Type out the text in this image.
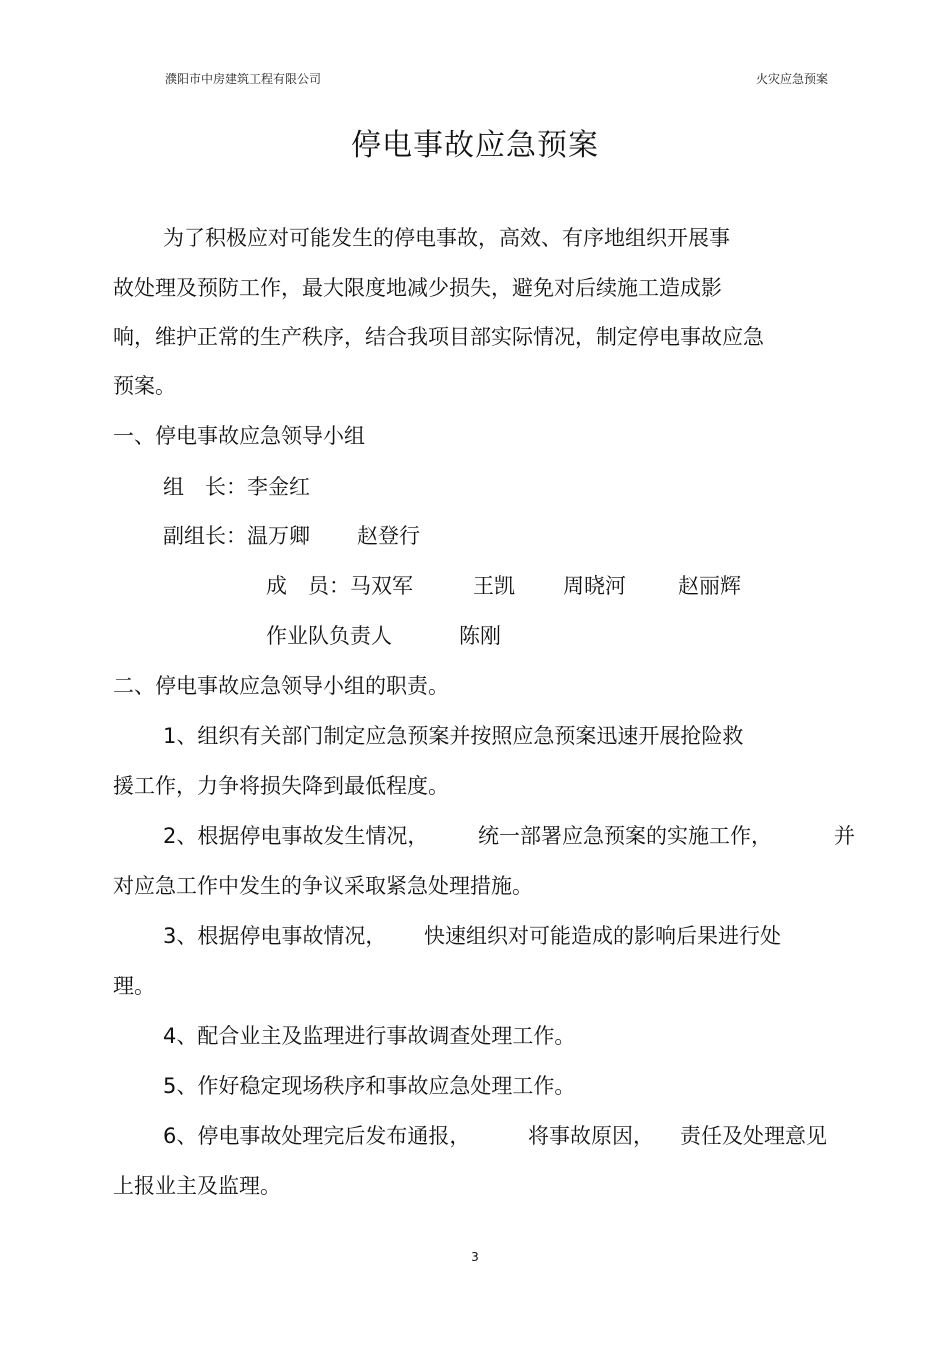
濮阳市中房建筑工程有限公司	火灾应急预案
停电事故应急预案
为了积极应对可能发生的停电事故，高效、有序地组织开展事
故处理及预防工作，最大限度地减少损失，避免对后续施工造成影
响，维护正常的生产秩序，结合我项目部实际情况，制定停电事故应急
预案。
一、停电事故应急领导小组
组　长：李金红
副组长：温万卿 赵登行
成　员：马双军	王凯 周晓河 赵丽辉
作业队负责人	陈刚
二、停电事故应急领导小组的职责。
1、组织有关部门制定应急预案并按照应急预案迅速开展抢险救
援工作，力争将损失降到最低程度。
2、根据停电事故发生情况， 统一部署应急预案的实施工作，	并
对应急工作中发生的争议采取紧急处理措施。
3、根据停电事故情况， 快速组织对可能造成的影响后果进行处
理。
4、配合业主及监理进行事故调查处理工作。
5、作好稳定现场秩序和事故应急处理工作。
6、停电事故处理完后发布通报，	将事故原因， 责任及处理意见
上报业主及监理。
3
